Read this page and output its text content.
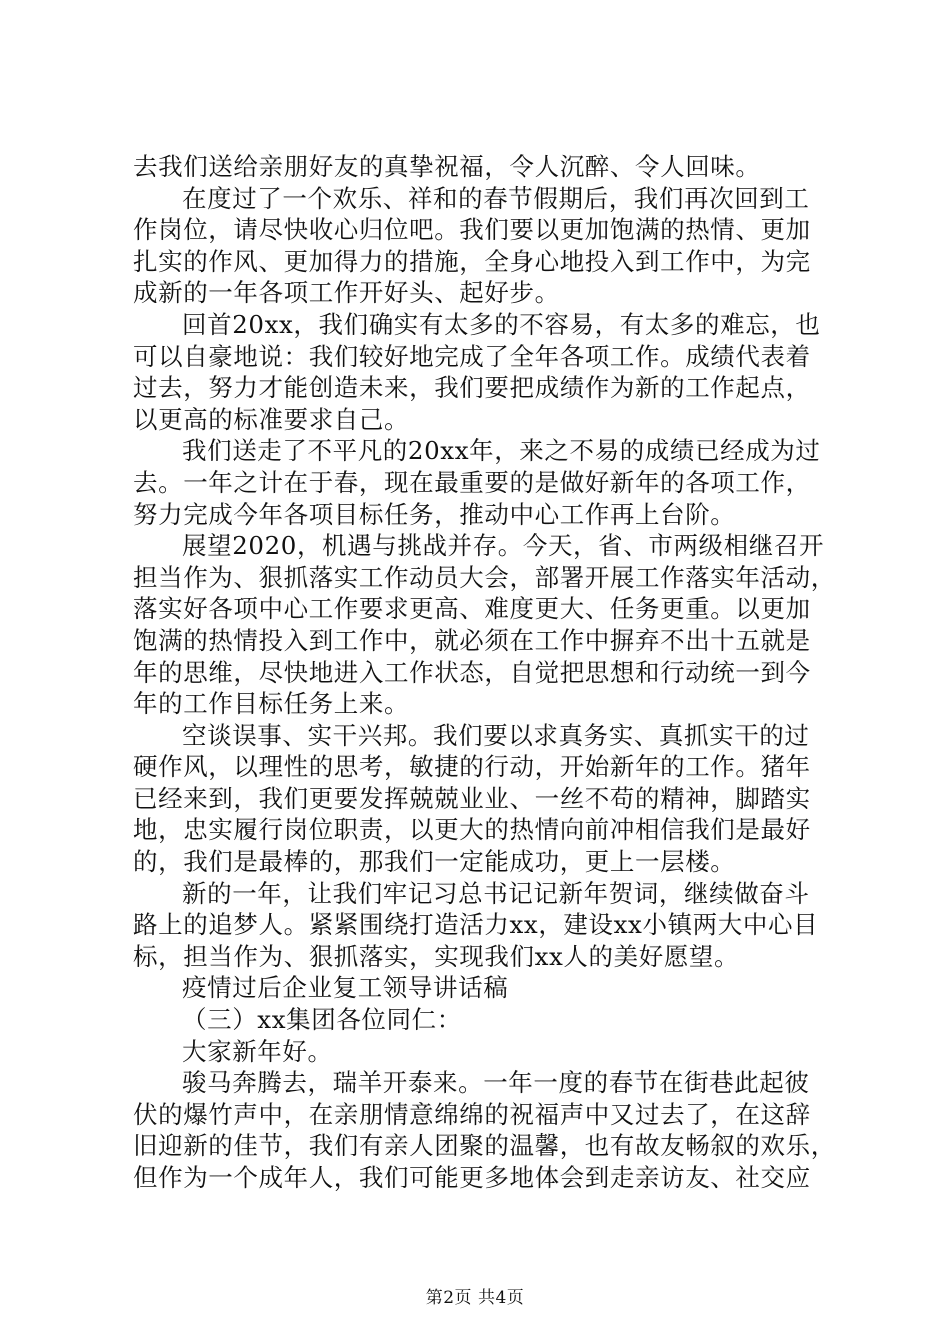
去我们送给亲朋好友的真挚祝福，令人沉醉、令人回味。
在度过了一个欢乐、祥和的春节假期后，我们再次回到工
作岗位，请尽快收心归位吧。我们要以更加饱满的热情、更加
扎实的作风、更加得力的措施，全身心地投入到工作中，为完
成新的一年各项工作开好头、起好步。
回首20xx，我们确实有太多的不容易，有太多的难忘，也
可以自豪地说：我们较好地完成了全年各项工作。成绩代表着
过去，努力才能创造未来，我们要把成绩作为新的工作起点，
以更高的标准要求自己。
我们送走了不平凡的20xx年，来之不易的成绩已经成为过
去。一年之计在于春，现在最重要的是做好新年的各项工作，
努力完成今年各项目标任务，推动中心工作再上台阶。
展望2020，机遇与挑战并存。今天，省、市两级相继召开
担当作为、狠抓落实工作动员大会，部署开展工作落实年活动，
落实好各项中心工作要求更高、难度更大、任务更重。以更加
饱满的热情投入到工作中，就必须在工作中摒弃不出十五就是
年的思维，尽快地进入工作状态，自觉把思想和行动统一到今
年的工作目标任务上来。
空谈误事、实干兴邦。我们要以求真务实、真抓实干的过
硬作风，以理性的思考，敏捷的行动，开始新年的工作。猪年
已经来到，我们更要发挥兢兢业业、一丝不苟的精神，脚踏实
地，忠实履行岗位职责，以更大的热情向前冲相信我们是最好
的，我们是最棒的，那我们一定能成功，更上一层楼。
新的一年，让我们牢记习总书记记新年贺词，继续做奋斗
路上的追梦人。紧紧围绕打造活力xx，建设xx小镇两大中心目
标，担当作为、狠抓落实，实现我们xx人的美好愿望。
疫情过后企业复工领导讲话稿
（三）xx集团各位同仁：
大家新年好。
骏马奔腾去，瑞羊开泰来。一年一度的春节在街巷此起彼
伏的爆竹声中，在亲朋情意绵绵的祝福声中又过去了，在这辞
旧迎新的佳节，我们有亲人团聚的温馨，也有故友畅叙的欢乐，
但作为一个成年人，我们可能更多地体会到走亲访友、社交应
第2页 共4页
